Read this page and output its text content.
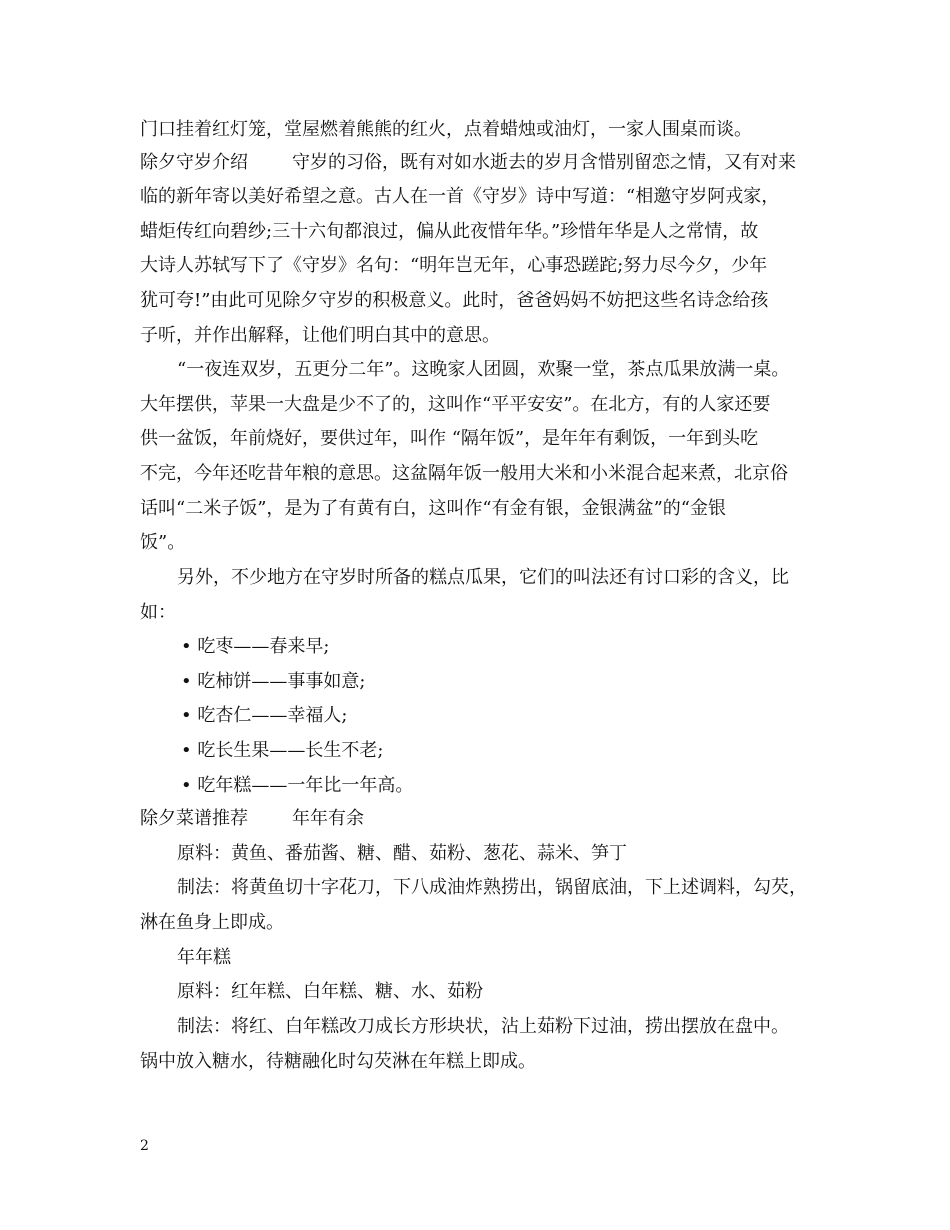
门口挂着红灯笼，堂屋燃着熊熊的红火，点着蜡烛或油灯，一家人围桌而谈。
除夕守岁介绍 守岁的习俗，既有对如水逝去的岁月含惜别留恋之情，又有对来
临的新年寄以美好希望之意。古人在一首《守岁》诗中写道：“相邀守岁阿戎家，
蜡炬传红向碧纱;三十六旬都浪过，偏从此夜惜年华。”珍惜年华是人之常情，故
大诗人苏轼写下了《守岁》名句：“明年岂无年，心事恐蹉跎;努力尽今夕，少年
犹可夸!”由此可见除夕守岁的积极意义。此时，爸爸妈妈不妨把这些名诗念给孩
子听，并作出解释，让他们明白其中的意思。
“一夜连双岁，五更分二年”。这晚家人团圆，欢聚一堂，茶点瓜果放满一桌。
大年摆供，苹果一大盘是少不了的，这叫作“平平安安”。在北方，有的人家还要
供一盆饭，年前烧好，要供过年，叫作 “隔年饭”，是年年有剩饭，一年到头吃
不完，今年还吃昔年粮的意思。这盆隔年饭一般用大米和小米混合起来煮，北京俗
话叫“二米子饭”，是为了有黄有白，这叫作“有金有银，金银满盆”的“金银
饭”。
另外，不少地方在守岁时所备的糕点瓜果，它们的叫法还有讨口彩的含义，比
如：
• 吃枣——春来早;
• 吃柿饼——事事如意;
• 吃杏仁——幸福人;
• 吃长生果——长生不老;
• 吃年糕——一年比一年高。
除夕菜谱推荐 年年有余
原料：黄鱼、番茄酱、糖、醋、茹粉、葱花、蒜米、笋丁
制法：将黄鱼切十字花刀，下八成油炸熟捞出，锅留底油，下上述调料，勾芡，
淋在鱼身上即成。
年年糕
原料：红年糕、白年糕、糖、水、茹粉
制法：将红、白年糕改刀成长方形块状，沾上茹粉下过油，捞出摆放在盘中。
锅中放入糖水，待糖融化时勾芡淋在年糕上即成。
2
